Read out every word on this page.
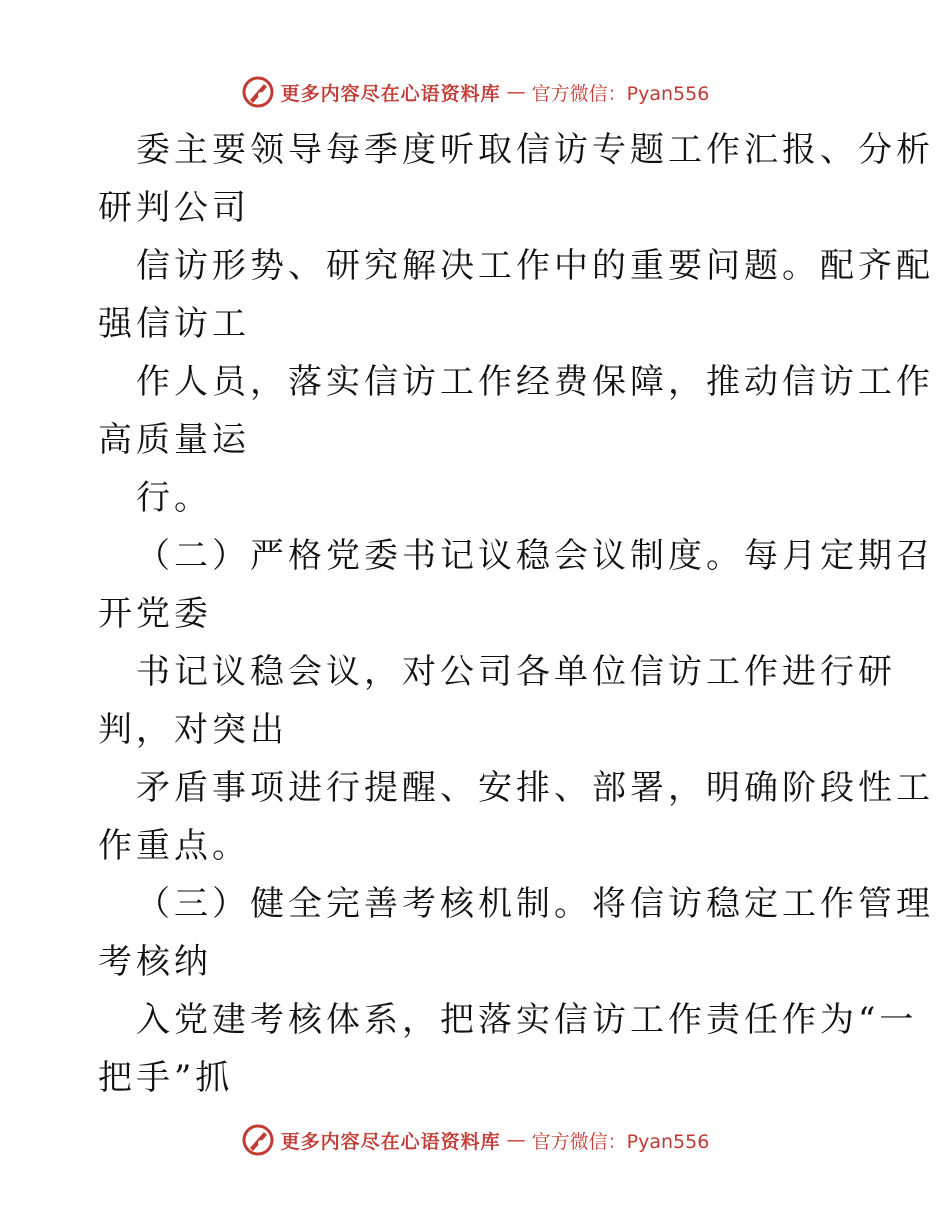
更多内容尽在心语资料库 — 官方微信：Pyan556
委主要领导每季度听取信访专题工作汇报、分析
研判公司
信访形势、研究解决工作中的重要问题。配齐配
强信访工
作人员，落实信访工作经费保障，推动信访工作
高质量运
行。
（二）严格党委书记议稳会议制度。每月定期召
开党委
书记议稳会议，对公司各单位信访工作进行研
判，对突出
矛盾事项进行提醒、安排、部署，明确阶段性工
作重点。
（三）健全完善考核机制。将信访稳定工作管理
考核纳
入党建考核体系，把落实信访工作责任作为“一
把手”抓
更多内容尽在心语资料库 — 官方微信：Pyan556
